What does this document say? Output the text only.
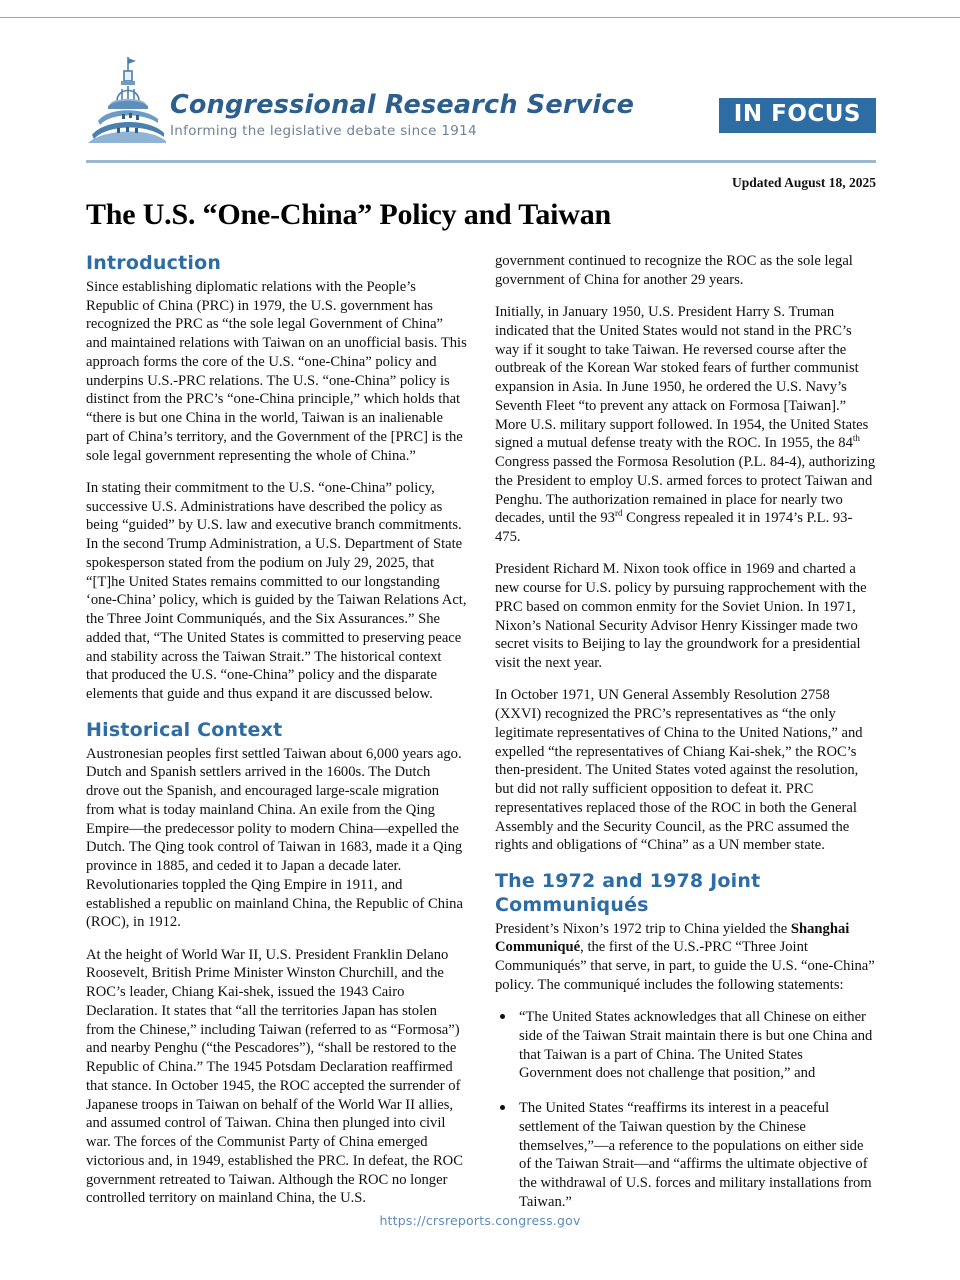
Congressional Research Service
Informing the legislative debate since 1914
IN FOCUS
Updated August 18, 2025
The U.S. “One-China” Policy and Taiwan
Introduction

Since establishing diplomatic relations with the People’s Republic of China (PRC) in 1979, the U.S. government has recognized the PRC as “the sole legal Government of China” and maintained relations with Taiwan on an unofficial basis. This approach forms the core of the U.S. “one-China” policy and underpins U.S.-PRC relations. The U.S. “one-China” policy is distinct from the PRC’s “one-China principle,” which holds that “there is but one China in the world, Taiwan is an inalienable part of China’s territory, and the Government of the [PRC] is the sole legal government representing the whole of China.”

In stating their commitment to the U.S. “one-China” policy, successive U.S. Administrations have described the policy as being “guided” by U.S. law and executive branch commitments. In the second Trump Administration, a U.S. Department of State spokesperson stated from the podium on July 29, 2025, that “[T]he United States remains committed to our longstanding ‘one-China’ policy, which is guided by the Taiwan Relations Act, the Three Joint Communiqués, and the Six Assurances.” She added that, “The United States is committed to preserving peace and stability across the Taiwan Strait.” The historical context that produced the U.S. “one-China” policy and the disparate elements that guide and thus expand it are discussed below.

Historical Context

Austronesian peoples first settled Taiwan about 6,000 years ago. Dutch and Spanish settlers arrived in the 1600s. The Dutch drove out the Spanish, and encouraged large-scale migration from what is today mainland China. An exile from the Qing Empire—the predecessor polity to modern China—expelled the Dutch. The Qing took control of Taiwan in 1683, made it a Qing province in 1885, and ceded it to Japan a decade later. Revolutionaries toppled the Qing Empire in 1911, and established a republic on mainland China, the Republic of China (ROC), in 1912.

At the height of World War II, U.S. President Franklin Delano Roosevelt, British Prime Minister Winston Churchill, and the ROC’s leader, Chiang Kai-shek, issued the 1943 Cairo Declaration. It states that “all the territories Japan has stolen from the Chinese,” including Taiwan (referred to as “Formosa”) and nearby Penghu (“the Pescadores”), “shall be restored to the Republic of China.” The 1945 Potsdam Declaration reaffirmed that stance. In October 1945, the ROC accepted the surrender of Japanese troops in Taiwan on behalf of the World War II allies, and assumed control of Taiwan. China then plunged into civil war. The forces of the Communist Party of China emerged victorious and, in 1949, established the PRC. In defeat, the ROC government retreated to Taiwan. Although the ROC no longer controlled territory on mainland China, the U.S.

government continued to recognize the ROC as the sole legal government of China for another 29 years.

Initially, in January 1950, U.S. President Harry S. Truman indicated that the United States would not stand in the PRC’s way if it sought to take Taiwan. He reversed course after the outbreak of the Korean War stoked fears of further communist expansion in Asia. In June 1950, he ordered the U.S. Navy’s Seventh Fleet “to prevent any attack on Formosa [Taiwan].” More U.S. military support followed. In 1954, the United States signed a mutual defense treaty with the ROC. In 1955, the 84th Congress passed the Formosa Resolution (P.L. 84-4), authorizing the President to employ U.S. armed forces to protect Taiwan and Penghu. The authorization remained in place for nearly two decades, until the 93rd Congress repealed it in 1974’s P.L. 93-475.

President Richard M. Nixon took office in 1969 and charted a new course for U.S. policy by pursuing rapprochement with the PRC based on common enmity for the Soviet Union. In 1971, Nixon’s National Security Advisor Henry Kissinger made two secret visits to Beijing to lay the groundwork for a presidential visit the next year.

In October 1971, UN General Assembly Resolution 2758 (XXVI) recognized the PRC’s representatives as “the only legitimate representatives of China to the United Nations,” and expelled “the representatives of Chiang Kai-shek,” the ROC’s then-president. The United States voted against the resolution, but did not rally sufficient opposition to defeat it. PRC representatives replaced those of the ROC in both the General Assembly and the Security Council, as the PRC assumed the rights and obligations of “China” as a UN member state.

The 1972 and 1978 Joint Communiqués

President’s Nixon’s 1972 trip to China yielded the Shanghai Communiqué, the first of the U.S.-PRC “Three Joint Communiqués” that serve, in part, to guide the U.S. “one-China” policy. The communiqué includes the following statements:

“The United States acknowledges that all Chinese on either side of the Taiwan Strait maintain there is but one China and that Taiwan is a part of China. The United States Government does not challenge that position,” and
The United States “reaffirms its interest in a peaceful settlement of the Taiwan question by the Chinese themselves,”—a reference to the populations on either side of the Taiwan Strait—and “affirms the ultimate objective of the withdrawal of U.S. forces and military installations from Taiwan.”
https://crsreports.congress.gov
